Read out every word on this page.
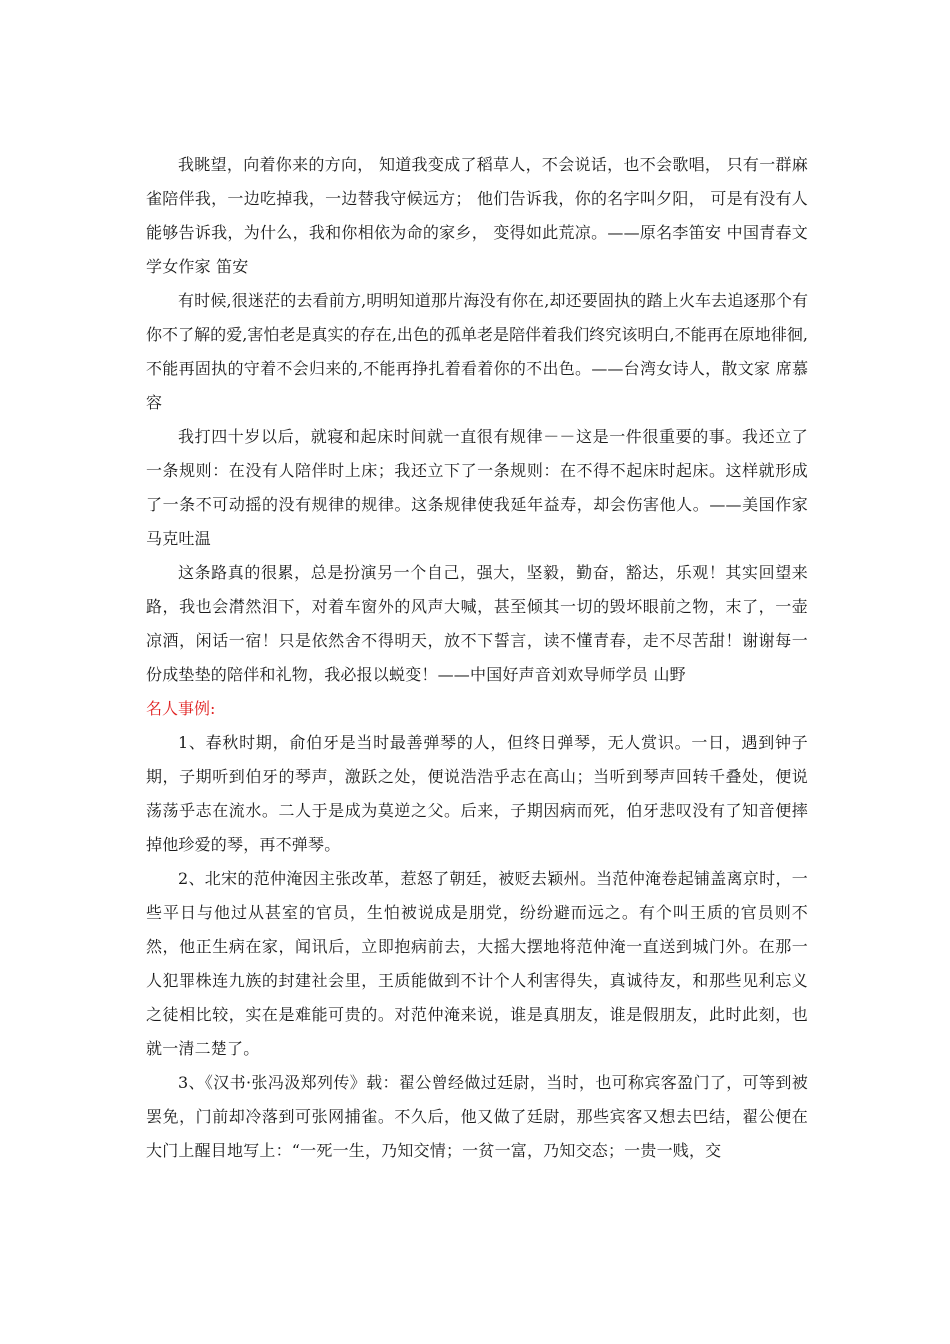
我眺望，向着你来的方向， 知道我变成了稻草人，不会说话，也不会歌唱， 只有一群麻雀陪伴我，一边吃掉我，一边替我守候远方； 他们告诉我，你的名字叫夕阳， 可是有没有人能够告诉我，为什么，我和你相依为命的家乡， 变得如此荒凉。——原名李笛安 中国青春文学女作家 笛安

有时候,很迷茫的去看前方,明明知道那片海没有你在,却还要固执的踏上火车去追逐那个有你不了解的爱,害怕老是真实的存在,出色的孤单老是陪伴着我们终究该明白,不能再在原地徘徊,不能再固执的守着不会归来的,不能再挣扎着看着你的不出色。——台湾女诗人，散文家 席慕容

我打四十岁以后，就寝和起床时间就一直很有规律－－这是一件很重要的事。我还立了一条规则：在没有人陪伴时上床；我还立下了一条规则：在不得不起床时起床。这样就形成了一条不可动摇的没有规律的规律。这条规律使我延年益寿，却会伤害他人。——美国作家 马克吐温

这条路真的很累，总是扮演另一个自己，强大，坚毅，勤奋，豁达，乐观！其实回望来路，我也会潸然泪下，对着车窗外的风声大喊，甚至倾其一切的毁坏眼前之物，末了，一壶凉酒，闲话一宿！只是依然舍不得明天，放不下誓言，读不懂青春，走不尽苦甜！谢谢每一份成垫垫的陪伴和礼物，我必报以蜕变！——中国好声音刘欢导师学员 山野

名人事例:

1、春秋时期，俞伯牙是当时最善弹琴的人，但终日弹琴，无人赏识。一日，遇到钟子期，子期听到伯牙的琴声，激跃之处，便说浩浩乎志在高山；当听到琴声回转千叠处，便说荡荡乎志在流水。二人于是成为莫逆之父。后来，子期因病而死，伯牙悲叹没有了知音便摔掉他珍爱的琴，再不弹琴。

2、北宋的范仲淹因主张改革，惹怒了朝廷，被贬去颖州。当范仲淹卷起铺盖离京时，一些平日与他过从甚室的官员，生怕被说成是朋党，纷纷避而远之。有个叫王质的官员则不然，他正生病在家，闻讯后，立即抱病前去，大摇大摆地将范仲淹一直送到城门外。在那一人犯罪株连九族的封建社会里，王质能做到不计个人利害得失，真诚待友，和那些见利忘义之徒相比较，实在是难能可贵的。对范仲淹来说，谁是真朋友，谁是假朋友，此时此刻，也就一清二楚了。

3、《汉书·张冯汲郑列传》载：翟公曾经做过廷尉，当时，也可称宾客盈门了，可等到被罢免，门前却冷落到可张网捕雀。不久后，他又做了廷尉，那些宾客又想去巴结，翟公便在大门上醒目地写上：“一死一生，乃知交情；一贫一富，乃知交态；一贵一贱，交
